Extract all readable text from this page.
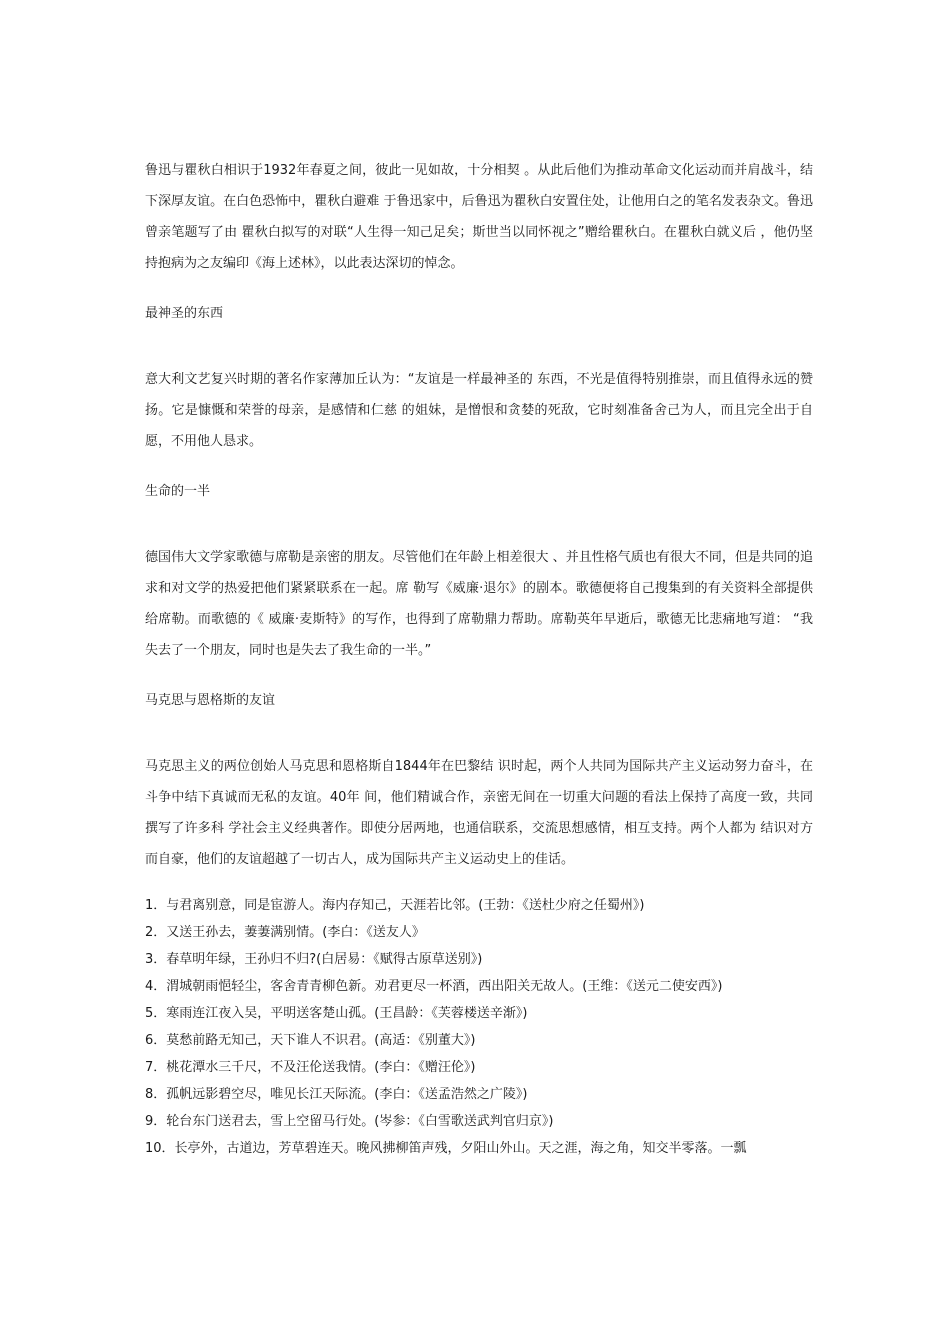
鲁迅与瞿秋白相识于1932年春夏之间，彼此一见如故，十分相契 。从此后他们为推动革命文化运动而并肩战斗，结下深厚友谊。在白色恐怖中，瞿秋白避难 于鲁迅家中，后鲁迅为瞿秋白安置住处，让他用白之的笔名发表杂文。鲁迅曾亲笔题写了由 瞿秋白拟写的对联“人生得一知己足矣；斯世当以同怀视之”赠给瞿秋白。在瞿秋白就义后 ，他仍坚持抱病为之友编印《海上述林》，以此表达深切的悼念。

最神圣的东西

意大利文艺复兴时期的著名作家薄加丘认为：“友谊是一样最神圣的 东西，不光是值得特别推崇，而且值得永远的赞扬。它是慷慨和荣誉的母亲，是感情和仁慈 的姐妹，是憎恨和贪婪的死敌，它时刻准备舍己为人，而且完全出于自愿，不用他人恳求。

生命的一半

德国伟大文学家歌德与席勒是亲密的朋友。尽管他们在年龄上相差很大 、并且性格气质也有很大不同，但是共同的追求和对文学的热爱把他们紧紧联系在一起。席 勒写《威廉·退尔》的剧本。歌德便将自己搜集到的有关资料全部提供给席勒。而歌德的《 威廉·麦斯特》的写作，也得到了席勒鼎力帮助。席勒英年早逝后，歌德无比悲痛地写道： “我失去了一个朋友，同时也是失去了我生命的一半。”

马克思与恩格斯的友谊

马克思主义的两位创始人马克思和恩格斯自1844年在巴黎结 识时起，两个人共同为国际共产主义运动努力奋斗，在斗争中结下真诚而无私的友谊。40年 间，他们精诚合作，亲密无间在一切重大问题的看法上保持了高度一致，共同撰写了许多科 学社会主义经典著作。即使分居两地，也通信联系，交流思想感情，相互支持。两个人都为 结识对方而自豪，他们的友谊超越了一切古人，成为国际共产主义运动史上的佳话。

1．与君离别意，同是宦游人。海内存知己，天涯若比邻。(王勃：《送杜少府之任蜀州》)
2．又送王孙去，萋萋满别情。(李白：《送友人》
3．春草明年绿，王孙归不归?(白居易：《赋得古原草送别》)
4．渭城朝雨悒轻尘，客舍青青柳色新。劝君更尽一杯酒，西出阳关无故人。(王维：《送元二使安西》)
5．寒雨连江夜入吴，平明送客楚山孤。(王昌龄：《芙蓉楼送辛渐》)
6．莫愁前路无知己，天下谁人不识君。(高适：《别董大》)
7．桃花潭水三千尺，不及汪伦送我情。(李白：《赠汪伦》)
8．孤帆远影碧空尽，唯见长江天际流。(李白：《送孟浩然之广陵》)
9．轮台东门送君去，雪上空留马行处。(岑参：《白雪歌送武判官归京》)
10．长亭外，古道边，芳草碧连天。晚风拂柳笛声残，夕阳山外山。天之涯，海之角，知交半零落。一瓢
